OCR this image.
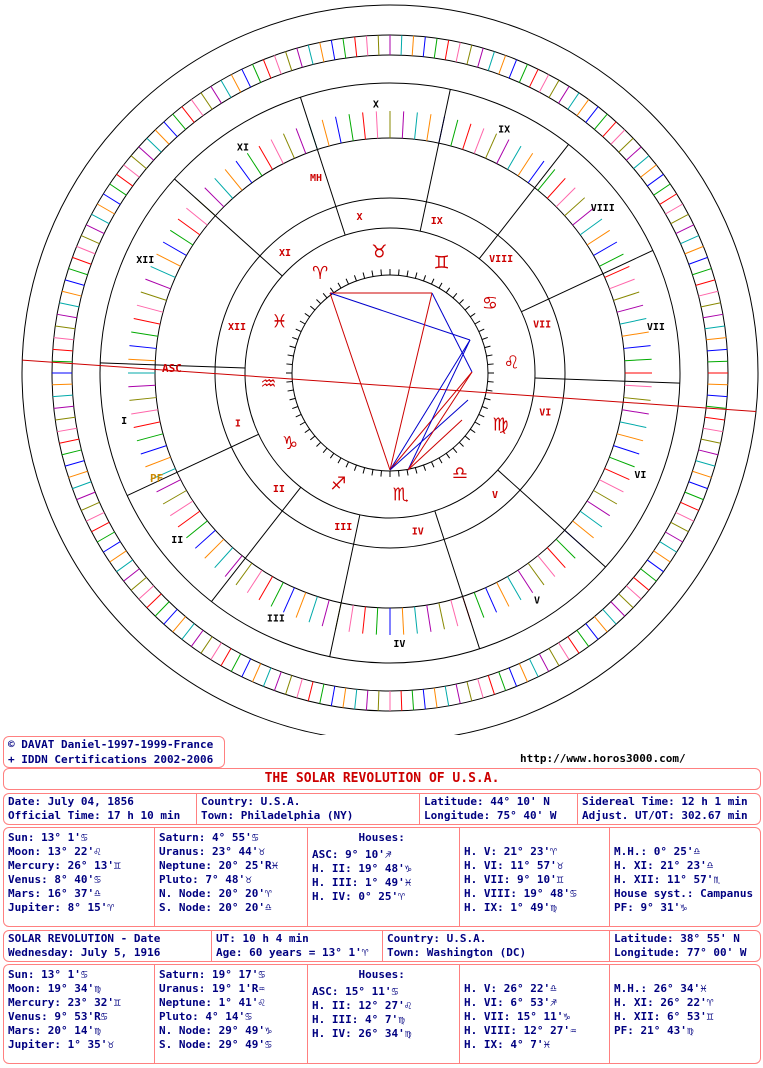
♈
♉
♊
♋
♌
♍
♎
♏
♐
♑
♒
♓
I
II
III
IV
V
VI
VII
VIII
IX
X
XI
XII
I
II
III	IV
V
VI
VII
VIII
IX
X
XI
XII
ASC
MH
PF
© DAVAT Daniel-1997-1999-France
+ IDDN Certifications 2002-2006	http://www.horos3000.com/
THE SOLAR REVOLUTION OF U.S.A.
Date: July 04, 1856
Official Time: 17 h 10 min
Country: U.S.A.
Town: Philadelphia (NY)
Latitude: 44° 10' N
Longitude: 75° 40' W
Sidereal Time: 12 h 1 min
Adjust. UT/OT: 302.67 min
Sun: 13° 1'♋
Moon: 13° 22'♌
Mercury: 26° 13'♊
Venus: 8° 40'♋
Mars: 16° 37'♎
Jupiter: 8° 15'♈
Saturn: 4° 55'♋
Uranus: 23° 44'♉
Neptune: 20° 25'R♓
Pluto: 7° 48'♉
N. Node: 20° 20'♈
S. Node: 20° 20'♎
Houses:
ASC: 9° 10'♐
H. II: 19° 48'♑
H. III: 1° 49'♓
H. IV: 0° 25'♈
H. V: 21° 23'♈
H. VI: 11° 57'♉
H. VII: 9° 10'♊
H. VIII: 19° 48'♋
H. IX: 1° 49'♍
M.H.: 0° 25'♎
H. XI: 21° 23'♎
H. XII: 11° 57'♏
House syst.: Campanus
PF: 9° 31'♑
SOLAR REVOLUTION - Date
Wednesday: July 5, 1916
UT: 10 h 4 min
Age: 60 years = 13° 1'♈
Country: U.S.A.
Town: Washington (DC)
Latitude: 38° 55' N
Longitude: 77° 00' W
Sun: 13° 1'♋
Moon: 19° 34'♍
Mercury: 23° 32'♊
Venus: 9° 53'R♋
Mars: 20° 14'♍
Jupiter: 1° 35'♉
Saturn: 19° 17'♋
Uranus: 19° 1'R♒
Neptune: 1° 41'♌
Pluto: 4° 14'♋
N. Node: 29° 49'♑
S. Node: 29° 49'♋
Houses:
ASC: 15° 11'♋
H. II: 12° 27'♌
H. III: 4° 7'♍
H. IV: 26° 34'♍
H. V: 26° 22'♎
H. VI: 6° 53'♐
H. VII: 15° 11'♑
H. VIII: 12° 27'♒
H. IX: 4° 7'♓
M.H.: 26° 34'♓
H. XI: 26° 22'♈
H. XII: 6° 53'♊
PF: 21° 43'♍
